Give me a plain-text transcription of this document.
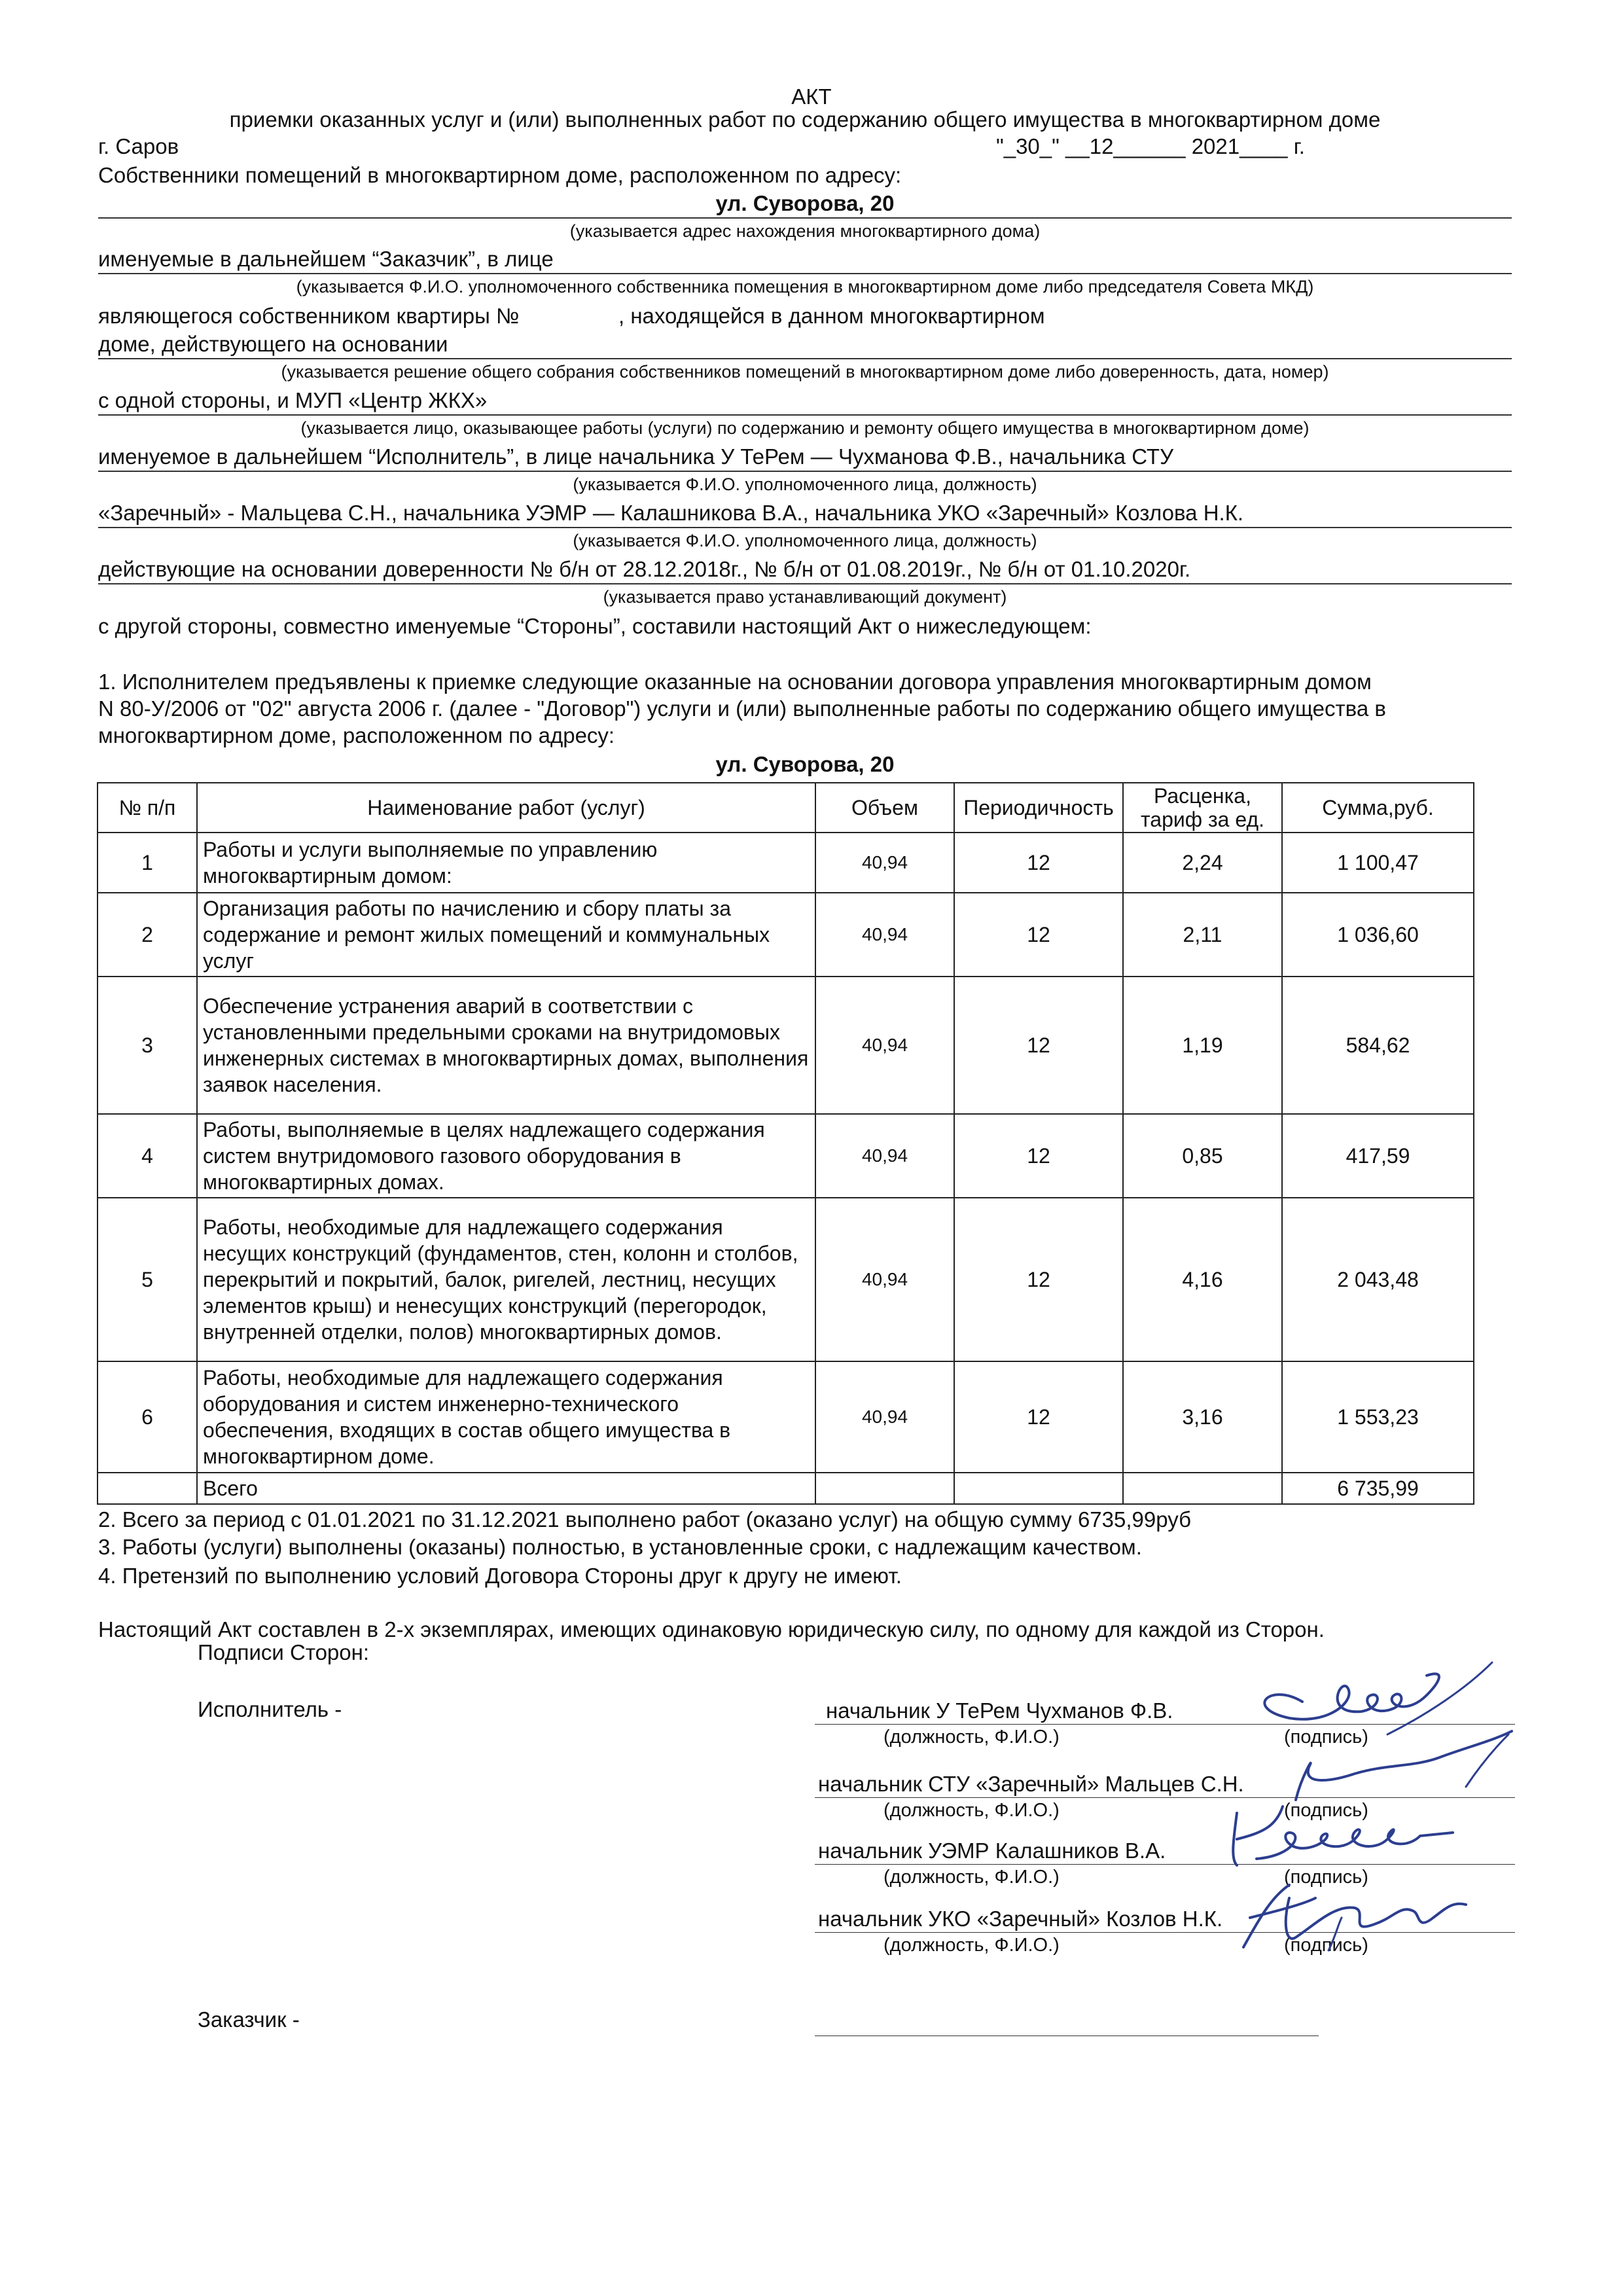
АКТ
приемки оказанных услуг и (или) выполненных работ по содержанию общего имущества в многоквартирном доме
г. Саров	"_30_" __12______ 2021____ г.
Собственники помещений в многоквартирном доме, расположенном по адресу:
ул. Суворова, 20
(указывается адрес нахождения многоквартирного дома)
именуемые в дальнейшем “Заказчик”, в лице
(указывается Ф.И.О. уполномоченного собственника помещения в многоквартирном доме либо председателя Совета МКД)
являющегося собственником квартиры №	, находящейся в данном многоквартирном
доме, действующего на основании
(указывается решение общего собрания собственников помещений в многоквартирном доме либо доверенность, дата, номер)
с одной стороны, и МУП «Центр ЖКХ»
(указывается лицо, оказывающее работы (услуги) по содержанию и ремонту общего имущества в многоквартирном доме)
именуемое в дальнейшем “Исполнитель”, в лице начальника У ТеРем — Чухманова Ф.В., начальника СТУ
(указывается Ф.И.О. уполномоченного лица, должность)
«Заречный» - Мальцева С.Н., начальника УЭМР — Калашникова В.А., начальника УКО «Заречный» Козлова Н.К.
(указывается Ф.И.О. уполномоченного лица, должность)
действующие на основании доверенности № б/н от 28.12.2018г., № б/н от 01.08.2019г., № б/н от 01.10.2020г.
(указывается право устанавливающий документ)
с другой стороны, совместно именуемые “Стороны”, составили настоящий Акт о нижеследующем:
1. Исполнителем предъявлены к приемке следующие оказанные на основании договора управления многоквартирным домом
N 80-У/2006 от "02" августа 2006 г. (далее - "Договор") услуги и (или) выполненные работы по содержанию общего имущества в
многоквартирном доме, расположенном по адресу:
ул. Суворова, 20
№ п/п	Наименование работ (услуг)	Объем	Периодичность	Расценка, тариф за ед.	Сумма,руб.
1	Работы и услуги выполняемые по управлению многоквартирным домом:	40,94	12	2,24	1 100,47
2	Организация работы по начислению и сбору платы за содержание и ремонт жилых помещений и коммунальных услуг	40,94	12	2,11	1 036,60
3	Обеспечение устранения аварий в соответствии с установленными предельными сроками на внутридомовых инженерных системах в многоквартирных домах, выполнения заявок населения.	40,94	12	1,19	584,62
4	Работы, выполняемые в целях надлежащего содержания систем внутридомового газового оборудования в многоквартирных домах.	40,94	12	0,85	417,59
5	Работы, необходимые для надлежащего содержания несущих конструкций (фундаментов, стен, колонн и столбов, перекрытий и покрытий, балок, ригелей, лестниц, несущих элементов крыш) и ненесущих конструкций (перегородок, внутренней отделки, полов) многоквартирных домов.	40,94	12	4,16	2 043,48
6	Работы, необходимые для надлежащего содержания оборудования и систем инженерно-технического обеспечения, входящих в состав общего имущества в многоквартирном доме.	40,94	12	3,16	1 553,23
	Всего				6 735,99
2. Всего за период с 01.01.2021 по 31.12.2021 выполнено работ (оказано услуг) на общую сумму 6735,99руб
3. Работы (услуги) выполнены (оказаны) полностью, в установленные сроки, с надлежащим качеством.
4. Претензий по выполнению условий Договора Стороны друг к другу не имеют.
Настоящий Акт составлен в 2-х экземплярах, имеющих одинаковую юридическую силу, по одному для каждой из Сторон.
Подписи Сторон:
Исполнитель -	начальник У ТеРем Чухманов Ф.В.
(должность, Ф.И.О.)	(подпись)
начальник СТУ «Заречный» Мальцев С.Н.
(должность, Ф.И.О.)	(подпись)
начальник УЭМР Калашников В.А.
(должность, Ф.И.О.)	(подпись)
начальник УКО «Заречный» Козлов Н.К.
(должность, Ф.И.О.)	(подпись)
Заказчик -
